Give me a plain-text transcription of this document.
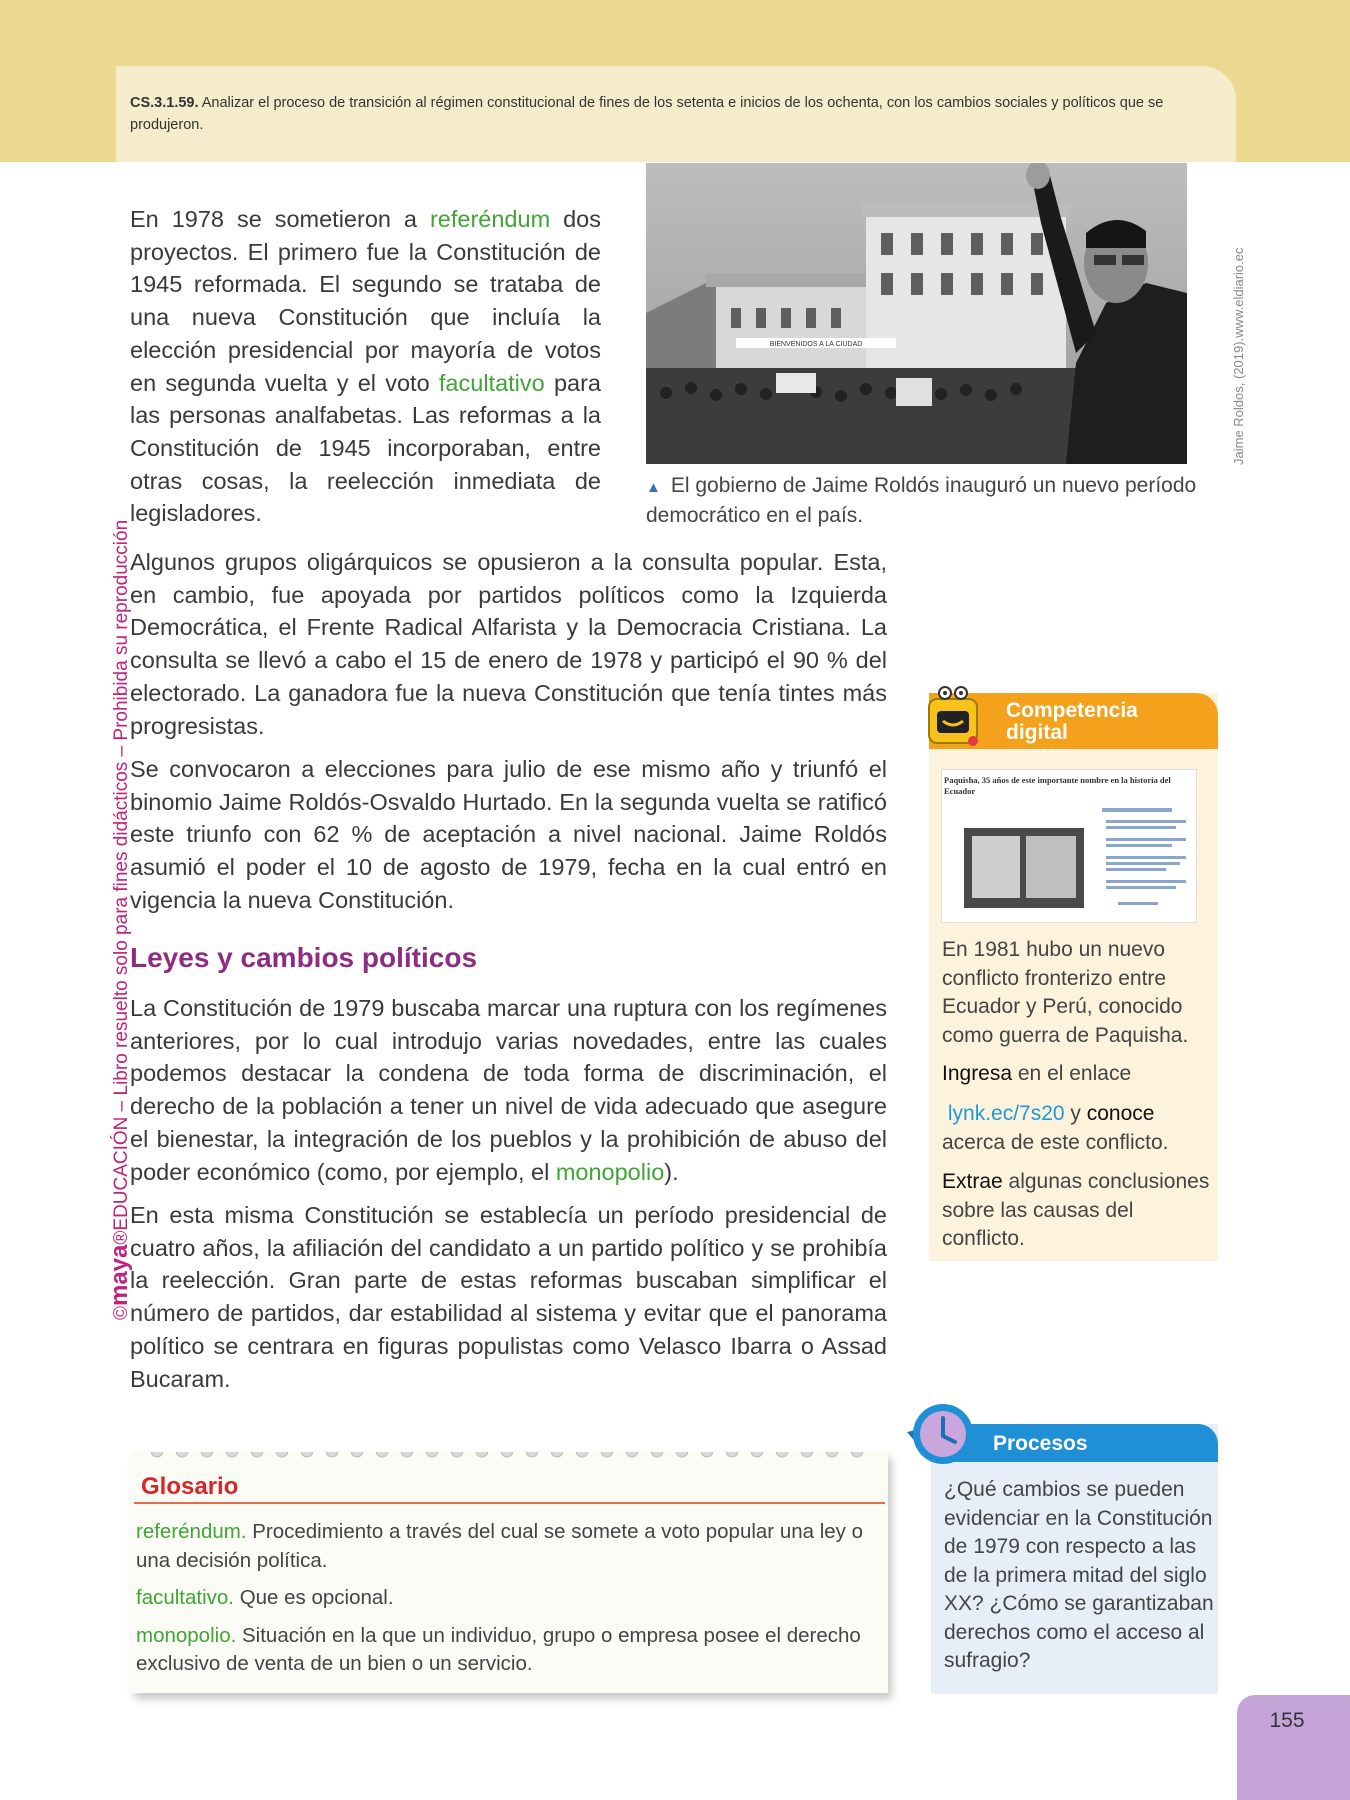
CS.3.1.59. Analizar el proceso de transición al régimen constitucional de fines de los setenta e inicios de los ochenta, con los cambios sociales y políticos que se produjeron.
©maya®EDUCACIÓN – Libro resuelto solo para fines didácticos – Prohibida su reproducción
En 1978 se sometieron a referéndum dos proyectos. El primero fue la Constitución de 1945 reformada. El segundo se trataba de una nueva Constitución que incluía la elección presidencial por mayoría de votos en segunda vuelta y el voto facultativo para las personas analfabetas. Las reformas a la Constitución de 1945 incorporaban, entre otras cosas, la reelección inmediata de legisladores.
BIENVENIDOS A LA CIUDAD	Jaime Roldos, (2019).www.eldiario.ec
▲ El gobierno de Jaime Roldós inauguró un nuevo período democrático en el país.
Algunos grupos oligárquicos se opusieron a la consulta popular. Esta, en cambio, fue apoyada por partidos políticos como la Izquierda Democrática, el Frente Radical Alfarista y la Democracia Cristiana. La consulta se llevó a cabo el 15 de enero de 1978 y participó el 90 % del electorado. La ganadora fue la nueva Constitución que tenía tintes más progresistas.
Se convocaron a elecciones para julio de ese mismo año y triunfó el binomio Jaime Roldós-Osvaldo Hurtado. En la segunda vuelta se ratificó este triunfo con 62 % de aceptación a nivel nacional. Jaime Roldós asumió el poder el 10 de agosto de 1979, fecha en la cual entró en vigencia la nueva Constitución.
Leyes y cambios políticos
La Constitución de 1979 buscaba marcar una ruptura con los regímenes anteriores, por lo cual introdujo varias novedades, entre las cuales podemos destacar la condena de toda forma de discriminación, el derecho de la población a tener un nivel de vida adecuado que asegure el bienestar, la integración de los pueblos y la prohibición de abuso del poder económico (como, por ejemplo, el monopolio).
En esta misma Constitución se establecía un período presidencial de cuatro años, la afiliación del candidato a un partido político y se prohibía la reelección. Gran parte de estas reformas buscaban simplificar el número de partidos, dar estabilidad al sistema y evitar que el panorama político se centrara en figuras populistas como Velasco Ibarra o Assad Bucaram.
Competencia
digital
Paquisha, 35 años de este importante nombre en la historia del Ecuador
En 1981 hubo un nuevo conflicto fronterizo entre Ecuador y Perú, conocido como guerra de Paquisha.
Ingresa en el enlace
lynk.ec/7s20 y conoce
acerca de este conflicto.
Extrae algunas conclusiones sobre las causas del conflicto.
Procesos
¿Qué cambios se pueden evidenciar en la Constitución de 1979 con respecto a las de la primera mitad del siglo XX? ¿Cómo se garantizaban derechos como el acceso al sufragio?
Glosario

referéndum. Procedimiento a través del cual se somete a voto popular una ley o una decisión política.

facultativo. Que es opcional.

monopolio. Situación en la que un individuo, grupo o empresa posee el derecho exclusivo de venta de un bien o un servicio.

155
